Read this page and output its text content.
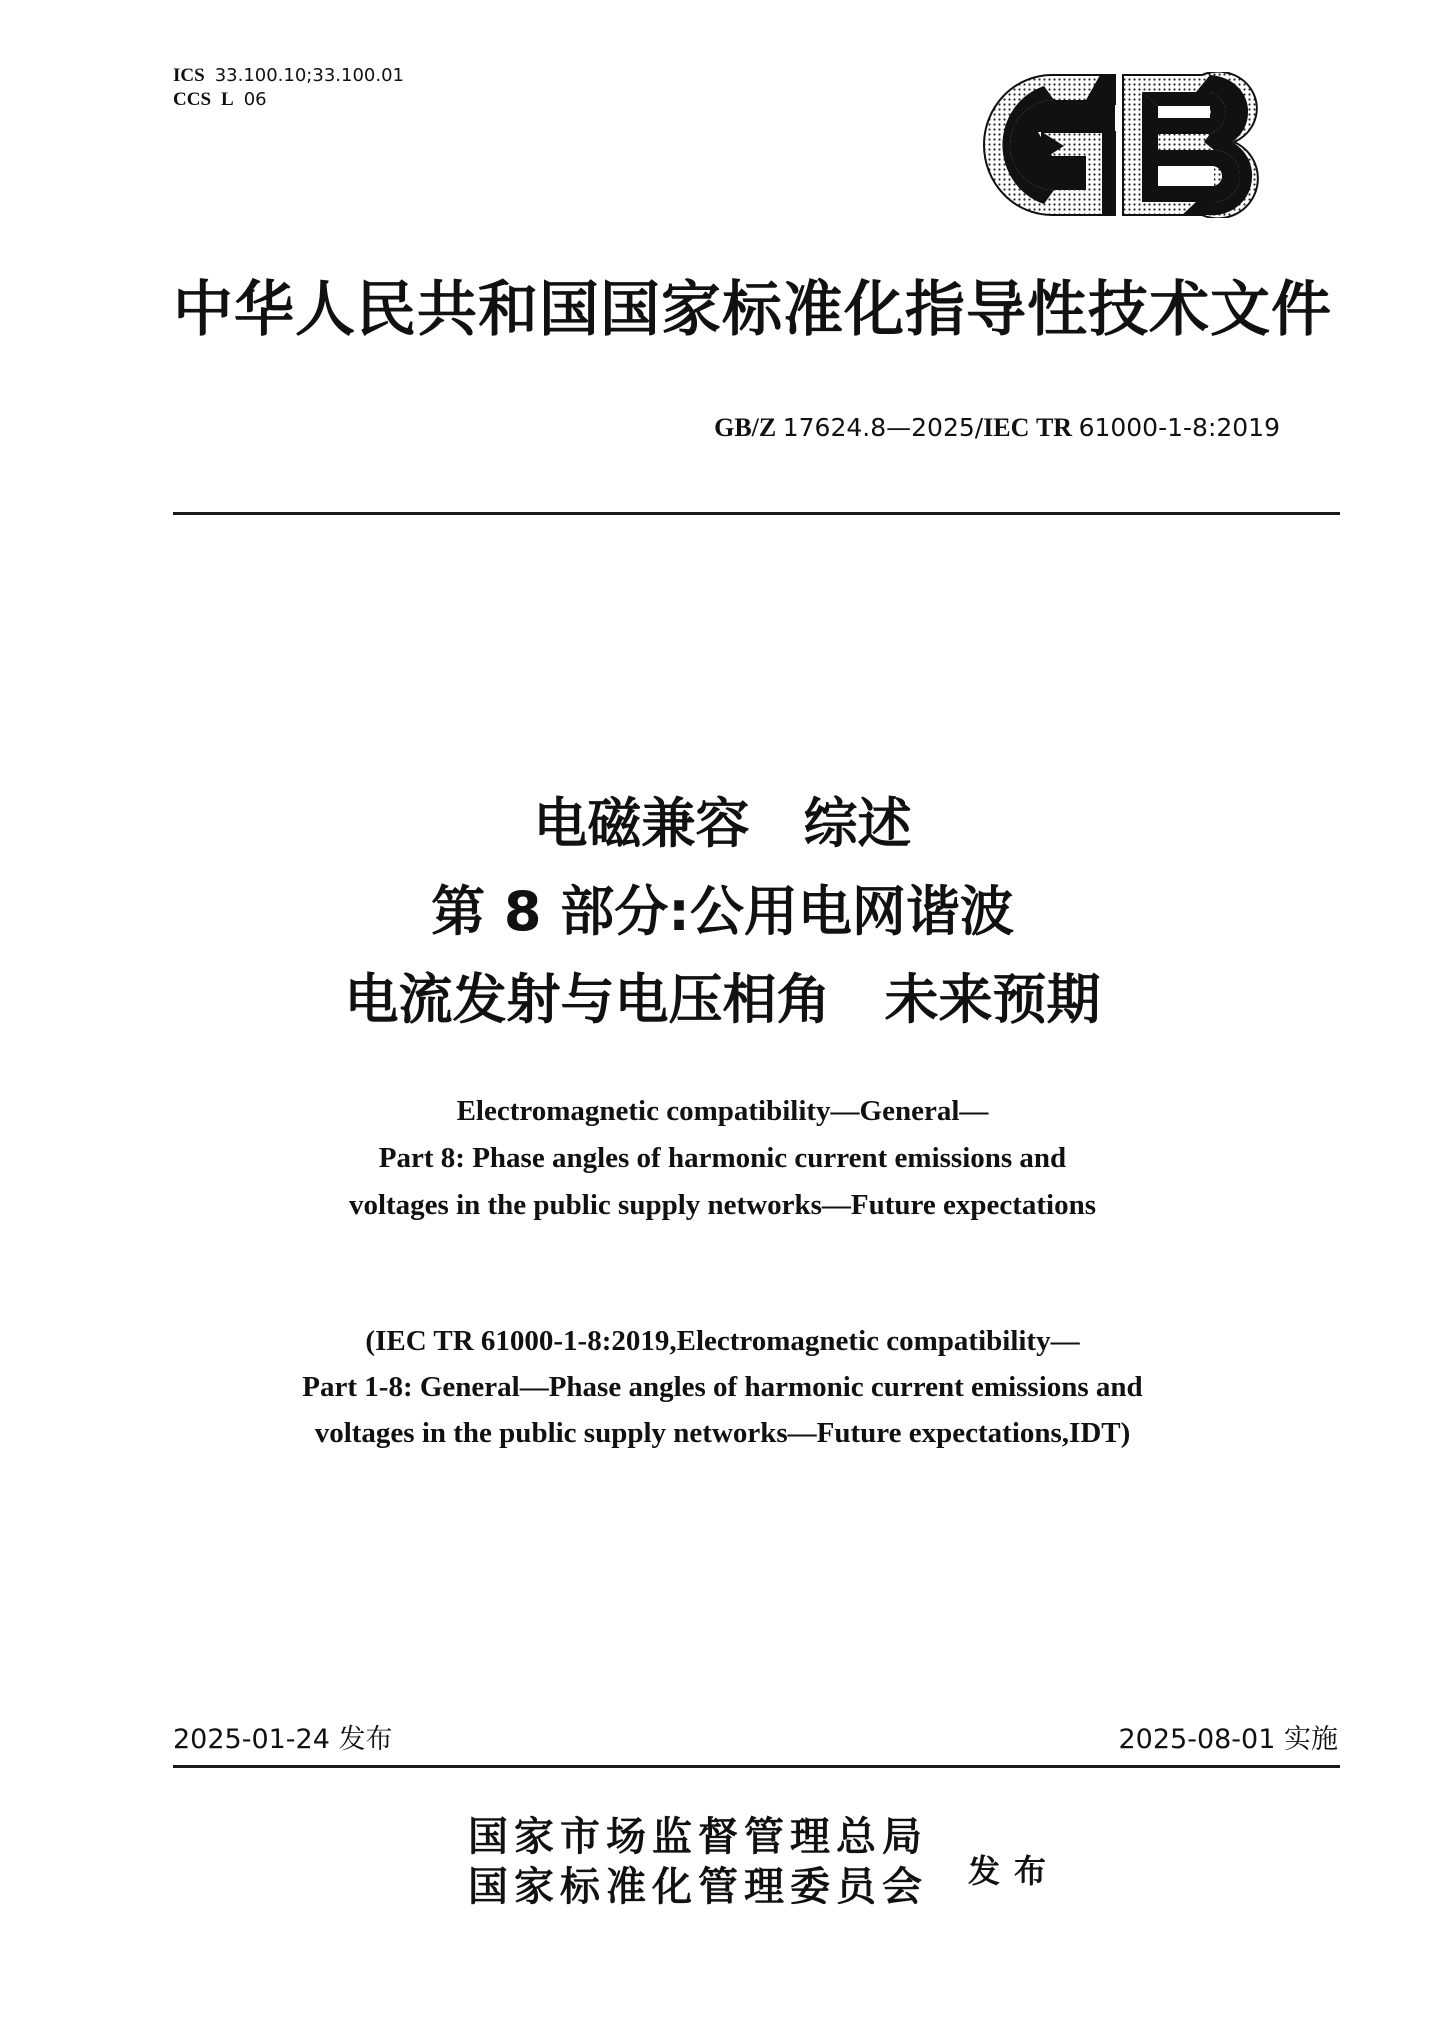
ICS 33.100.10;33.100.01
CCS L 06
中华人民共和国国家标准化指导性技术文件
GB/Z 17624.8—2025/IEC TR 61000-1-8:2019
电磁兼容　综述
第 8 部分:公用电网谐波
电流发射与电压相角　未来预期
Electromagnetic compatibility—General—
Part 8: Phase angles of harmonic current emissions and
voltages in the public supply networks—Future expectations
(IEC TR 61000-1-8:2019,Electromagnetic compatibility—
Part 1-8: General—Phase angles of harmonic current emissions and
voltages in the public supply networks—Future expectations,IDT)
2025-01-24 发布	2025-08-01 实施
国家市场监督管理总局
国家标准化管理委员会 发布
